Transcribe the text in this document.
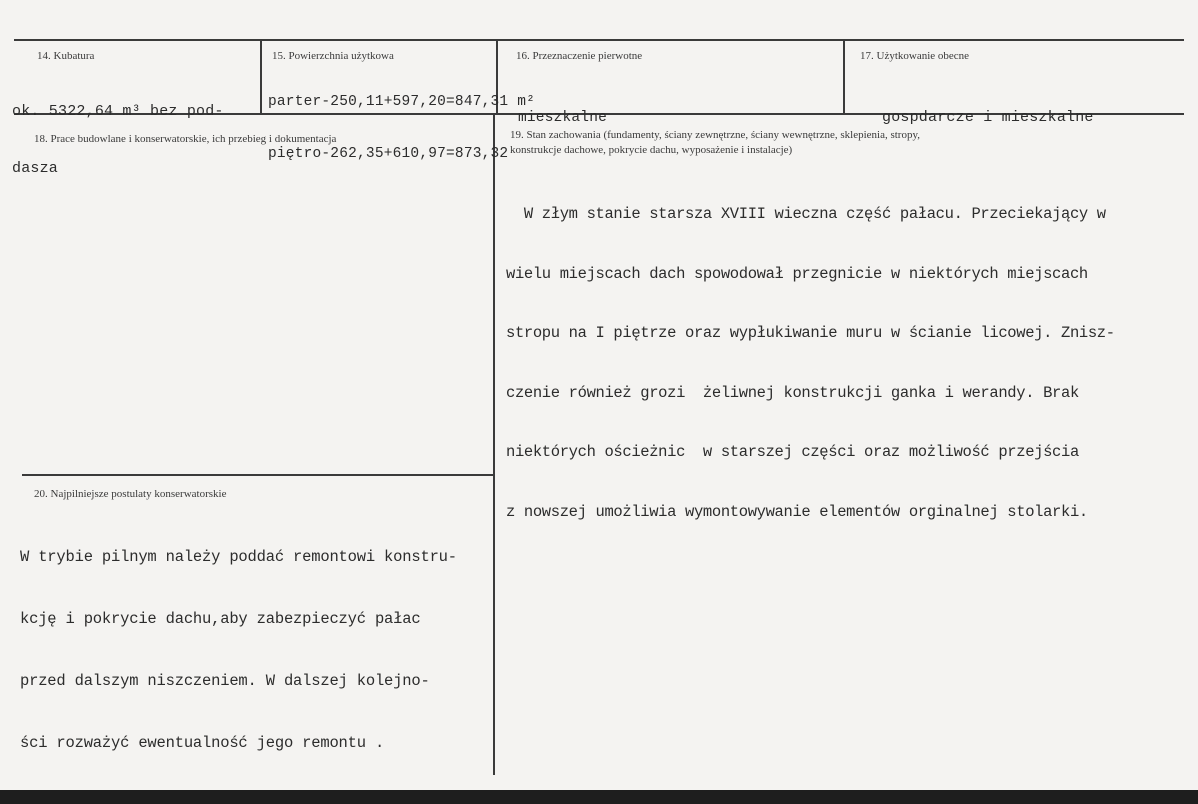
14. Kubatura

ok. 5322,64 m³ bez pod-

dasza

15. Powierzchnia użytkowa

parter-250,11+597,20=847,31 m²

piętro-262,35+610,97=873,32

16. Przeznaczenie pierwotne

mieszkalne

17. Użytkowanie obecne

gospdarcze i mieszkalne

18. Prace budowlane i konserwatorskie, ich przebieg i dokumentacja	19. Stan zachowania (fundamenty, ściany zewnętrzne, ściany wewnętrzne, sklepienia, stropy,
konstrukcje dachowe, pokrycie dachu, wyposażenie i instalacje)

W złym stanie starsza XVIII wieczna część pałacu. Przeciekający w

wielu miejscach dach spowodował przegnicie w niektórych miejscach

stropu na I piętrze oraz wypłukiwanie muru w ścianie licowej. Znisz-

czenie również grozi  żeliwnej konstrukcji ganka i werandy. Brak

niektórych ościeżnic  w starszej części oraz możliwość przejścia

z nowszej umożliwia wymontowywanie elementów orginalnej stolarki.

20. Najpilniejsze postulaty konserwatorskie

W trybie pilnym należy poddać remontowi konstru-

kcję i pokrycie dachu,aby zabezpieczyć pałac

przed dalszym niszczeniem. W dalszej kolejno-

ści rozważyć ewentualność jego remontu .
